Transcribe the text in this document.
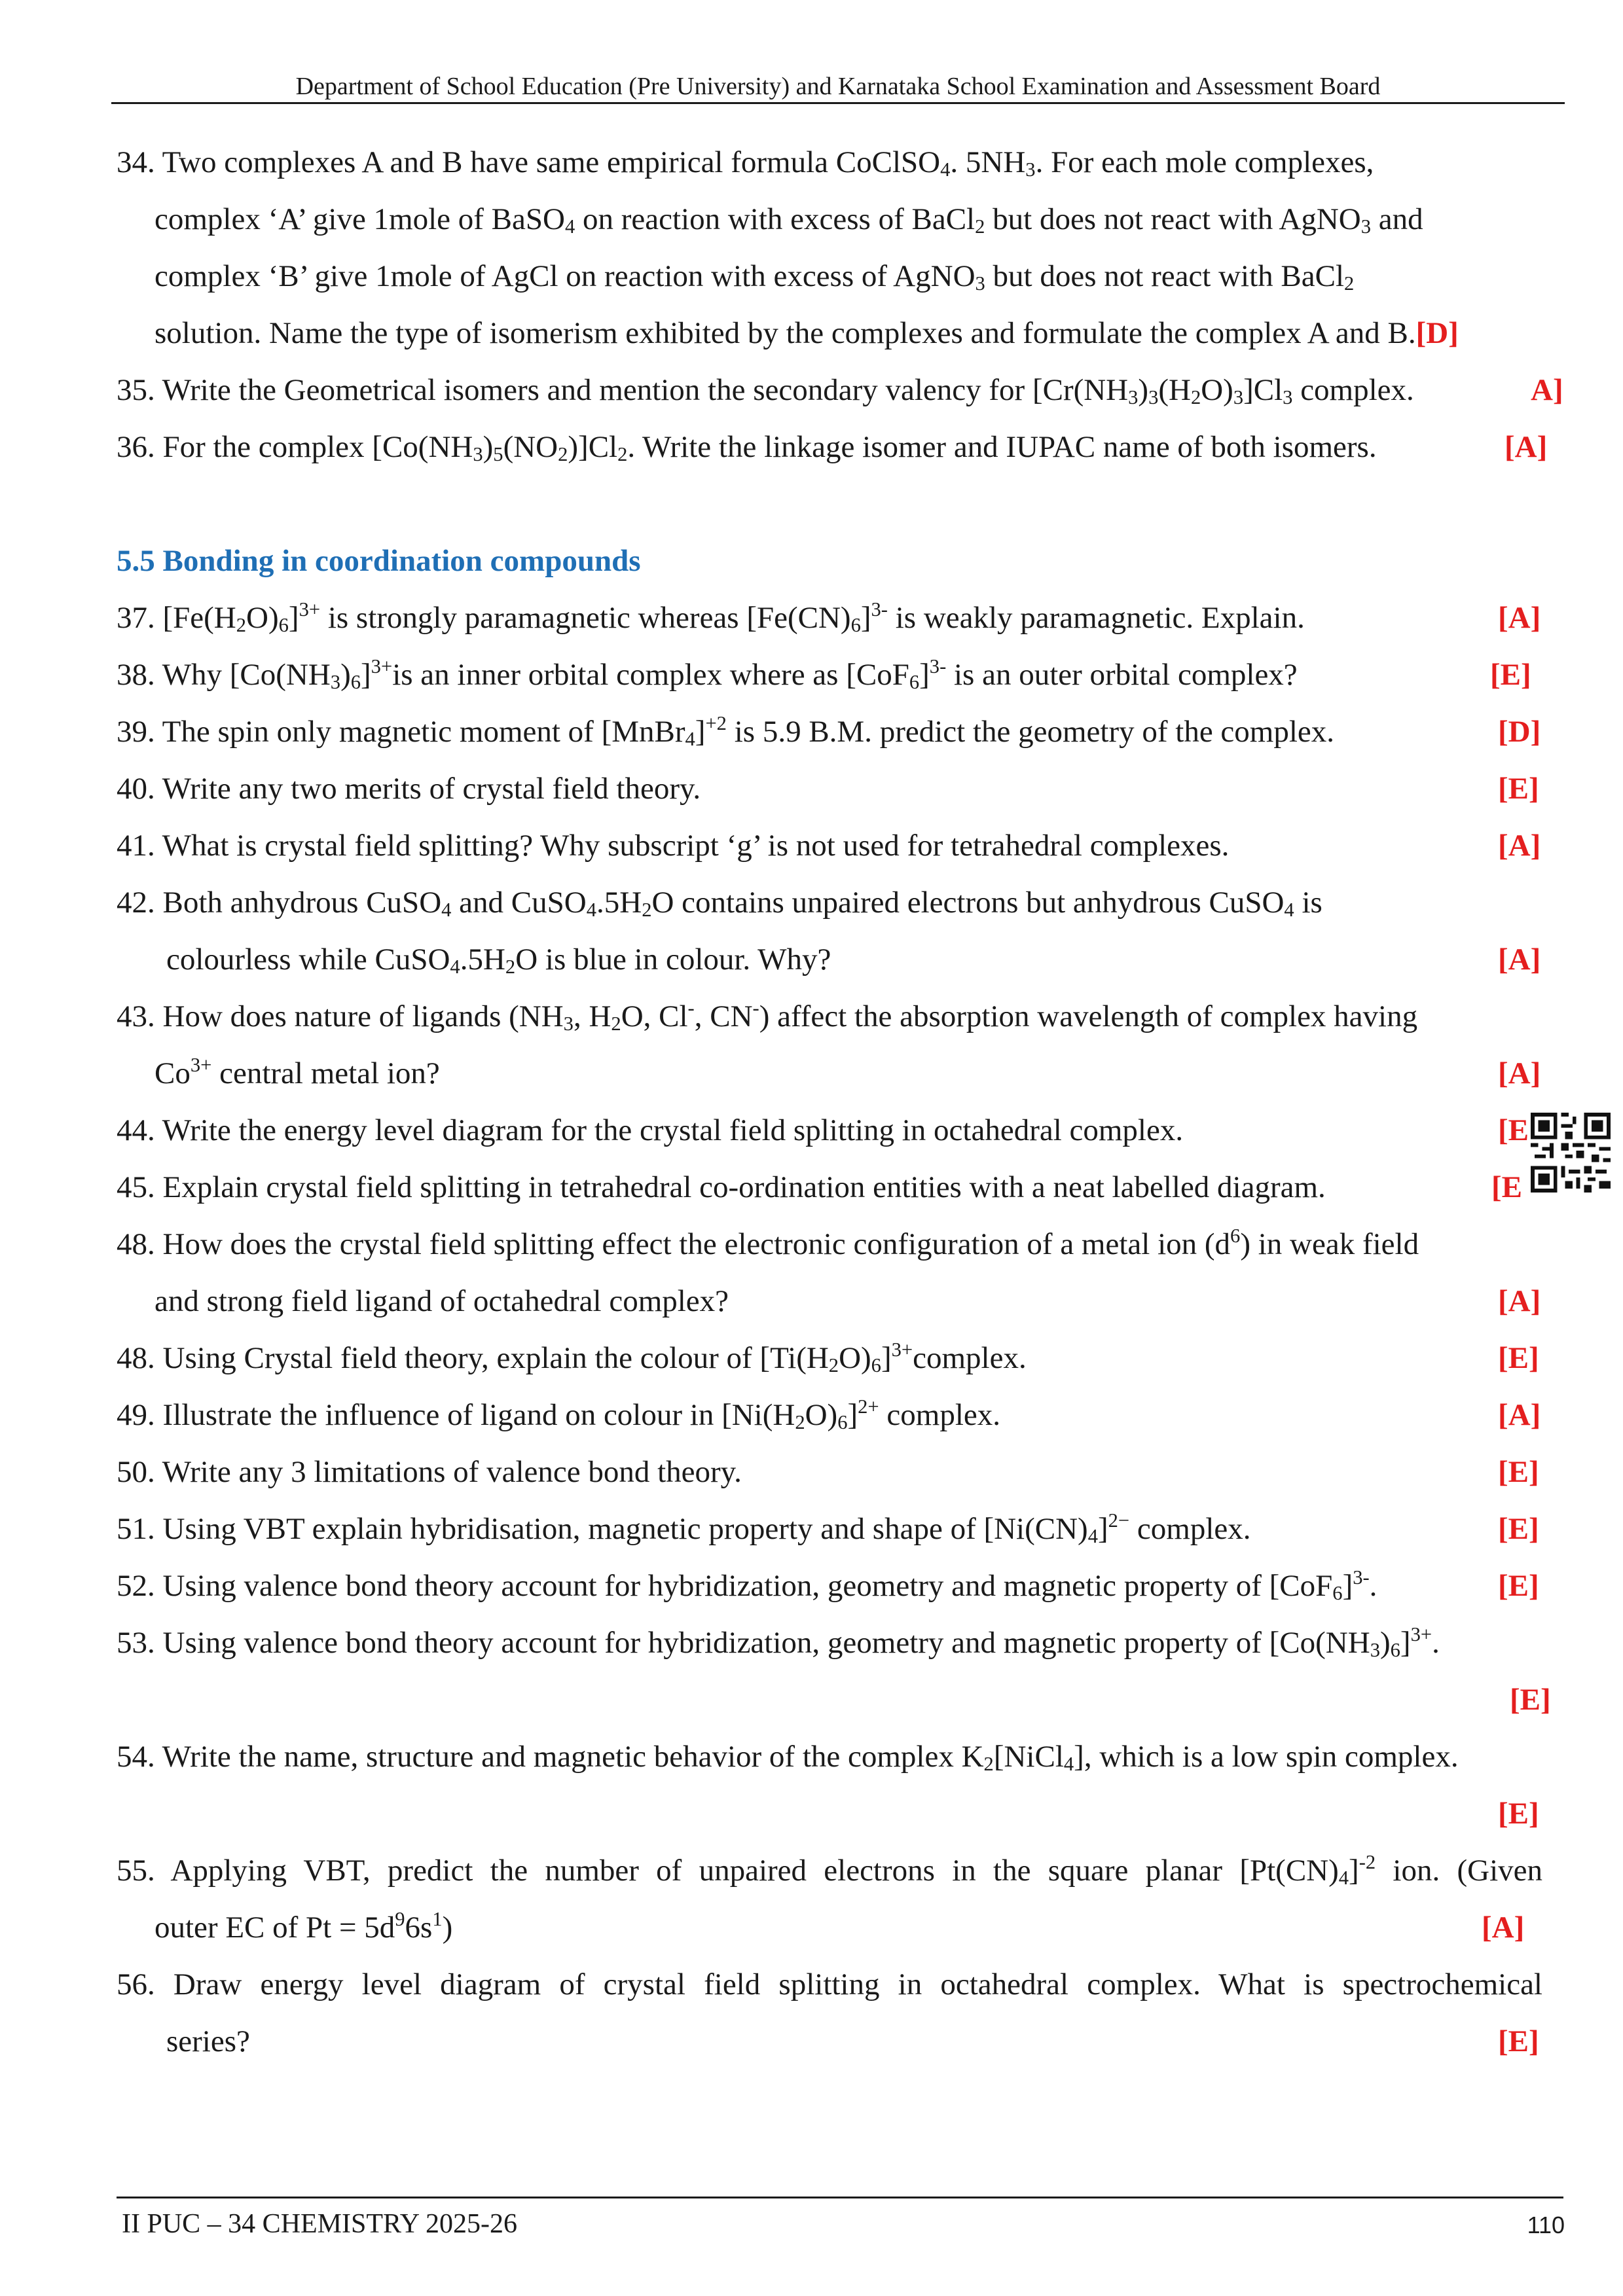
Department of School Education (Pre University) and Karnataka School Examination and Assessment Board
34. Two complexes A and B have same empirical formula CoClSO$_4$. $5NH_3$. For each mole complexes,
complex ‘A’ give 1mole of BaSO$_4$ on reaction with excess of BaCl$_2$ but does not react with AgNO$_3$ and
complex ‘B’ give 1mole of AgCl on reaction with excess of AgNO$_3$ but does not react with BaCl$_2$
solution. Name the type of isomerism exhibited by the complexes and formulate the complex A and B.[D]
35. Write the Geometrical isomers and mention the secondary valency for $[Cr(NH_3)_3(H_2O)_3]Cl_3$ complex.	A]
36. For the complex $[Co(NH_3)_5(NO_2)]Cl_2$. Write the linkage isomer and IUPAC name of both isomers.	[A]
5.5 Bonding in coordination compounds
37. $[Fe(H_2O)_6]^{3+}$ is strongly paramagnetic whereas $[Fe(CN)_6]^{3-}$ is weakly paramagnetic. Explain.	[A]
38. Why $[Co(NH_3)_6]^{3+}is$ an inner orbital complex where as $[CoF_6]^{3-}$ is an outer orbital complex?	[E]
39. The spin only magnetic moment of [MnBr$_4$]$^{+2}$ is 5.9 B.M. predict the geometry of the complex.	[D]
40. Write any two merits of crystal field theory.	[E]
41. What is crystal field splitting? Why subscript ‘g’ is not used for tetrahedral complexes.	[A]
42. Both anhydrous CuSO$_4$ and $CuSO_4.5H_2O$ contains unpaired electrons but anhydrous CuSO$_4$ is
colourless while $CuSO_4.5H_2O$ is blue in colour. Why?	[A]
43. How does nature of ligands ($NH_3$, $H_2O$, Cl-, CN-) affect the absorption wavelength of complex having
$Co^{3+}$ central metal ion?	[A]
44. Write the energy level diagram for the crystal field splitting in octahedral complex.	[E
45. Explain crystal field splitting in tetrahedral co-ordination entities with a neat labelled diagram.	[E
48. How does the crystal field splitting effect the electronic configuration of a metal ion $(d^6)$ in weak field
and strong field ligand of octahedral complex?	[A]
48. Using Crystal field theory, explain the colour of $[Ti(H_2O)_6]^{3+}complex$.	[E]
49. Illustrate the influence of ligand on colour in $[Ni(H_2O)_6]^{2+}$ complex.	[A]
50. Write any 3 limitations of valence bond theory.	[E]
51. Using VBT explain hybridisation, magnetic property and shape of $[Ni(CN)_4]^{2-}$ complex.	[E]
52. Using valence bond theory account for hybridization, geometry and magnetic property of $[CoF_6]^{3-}$.	[E]
53. Using valence bond theory account for hybridization, geometry and magnetic property of $[Co(NH_3)_6]^{3+}$.
[E]
54. Write the name, structure and magnetic behavior of the complex $K_2[NiCl_4]$, which is a low spin complex.
[E]
55. Applying VBT, predict the number of unpaired electrons in the square planar $[Pt(CN)_4]^{-2}$ ion. (Given
outer EC of $Pt = 5d^96s^1$)	[A]
56. Draw energy level diagram of crystal field splitting in octahedral complex. What is spectrochemical
series?	[E]
II PUC – 34 CHEMISTRY 2025-26	110
